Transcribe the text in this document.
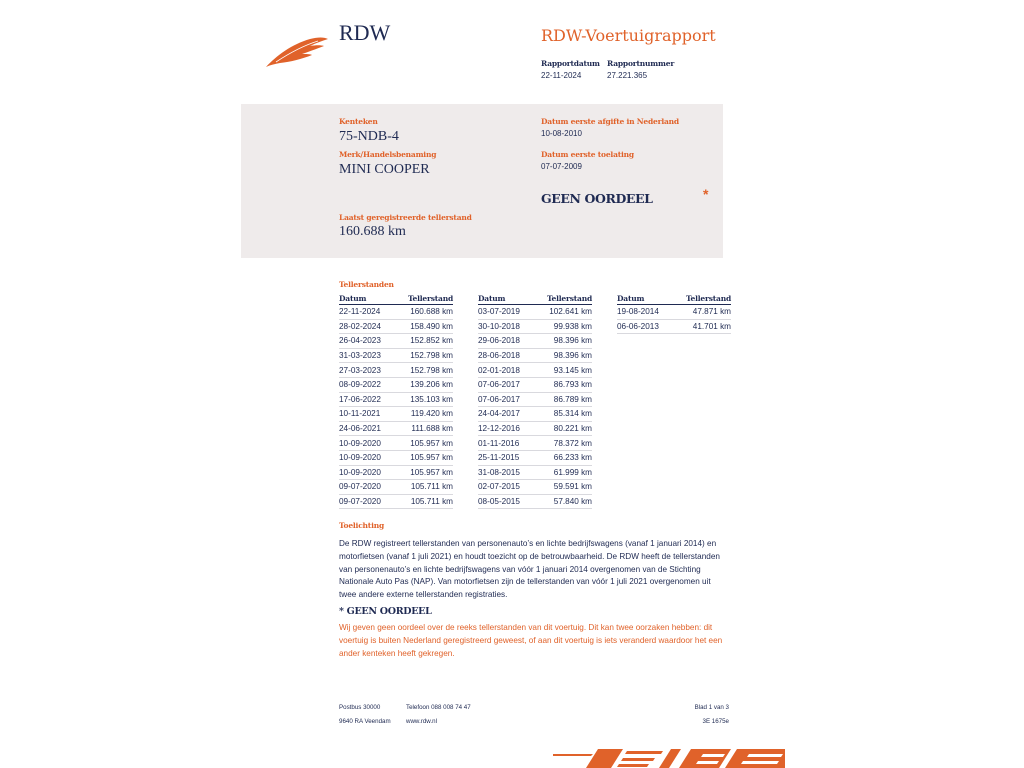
RDW	RDW-Voertuigrapport
Rapportdatum
22-11-2024
Rapportnummer
27.221.365
Kenteken
75-NDB-4
Merk/Handelsbenaming
MINI COOPER
Datum eerste afgifte in Nederland
10-08-2010
Datum eerste toelating
07-07-2009
GEEN OORDEEL	*
Laatst geregistreerde tellerstand
160.688 km
Tellerstanden
Datum	Tellerstand
22-11-2024	160.688 km
28-02-2024	158.490 km
26-04-2023	152.852 km
31-03-2023	152.798 km
27-03-2023	152.798 km
08-09-2022	139.206 km
17-06-2022	135.103 km
10-11-2021	119.420 km
24-06-2021	111.688 km
10-09-2020	105.957 km
10-09-2020	105.957 km
10-09-2020	105.957 km
09-07-2020	105.711 km
09-07-2020	105.711 km
Datum	Tellerstand
03-07-2019	102.641 km
30-10-2018	99.938 km
29-06-2018	98.396 km
28-06-2018	98.396 km
02-01-2018	93.145 km
07-06-2017	86.793 km
07-06-2017	86.789 km
24-04-2017	85.314 km
12-12-2016	80.221 km
01-11-2016	78.372 km
25-11-2015	66.233 km
31-08-2015	61.999 km
02-07-2015	59.591 km
08-05-2015	57.840 km
Datum	Tellerstand
19-08-2014	47.871 km
06-06-2013	41.701 km
Toelichting
De RDW registreert tellerstanden van personenauto’s en lichte bedrijfswagens (vanaf 1 januari 2014) en
motorfietsen (vanaf 1 juli 2021) en houdt toezicht op de betrouwbaarheid. De RDW heeft de tellerstanden
van personenauto’s en lichte bedrijfswagens van vóór 1 januari 2014 overgenomen van de Stichting
Nationale Auto Pas (NAP). Van motorfietsen zijn de tellerstanden van vóór 1 juli 2021 overgenomen uit
twee andere externe tellerstanden registraties.
* GEEN OORDEEL
Wij geven geen oordeel over de reeks tellerstanden van dit voertuig. Dit kan twee oorzaken hebben: dit
voertuig is buiten Nederland geregistreerd geweest, of aan dit voertuig is iets veranderd waardoor het een
ander kenteken heeft gekregen.
Postbus 30000
9640 RA Veendam
Telefoon 088 008 74 47
www.rdw.nl
Blad 1 van 3
3E 1675e
